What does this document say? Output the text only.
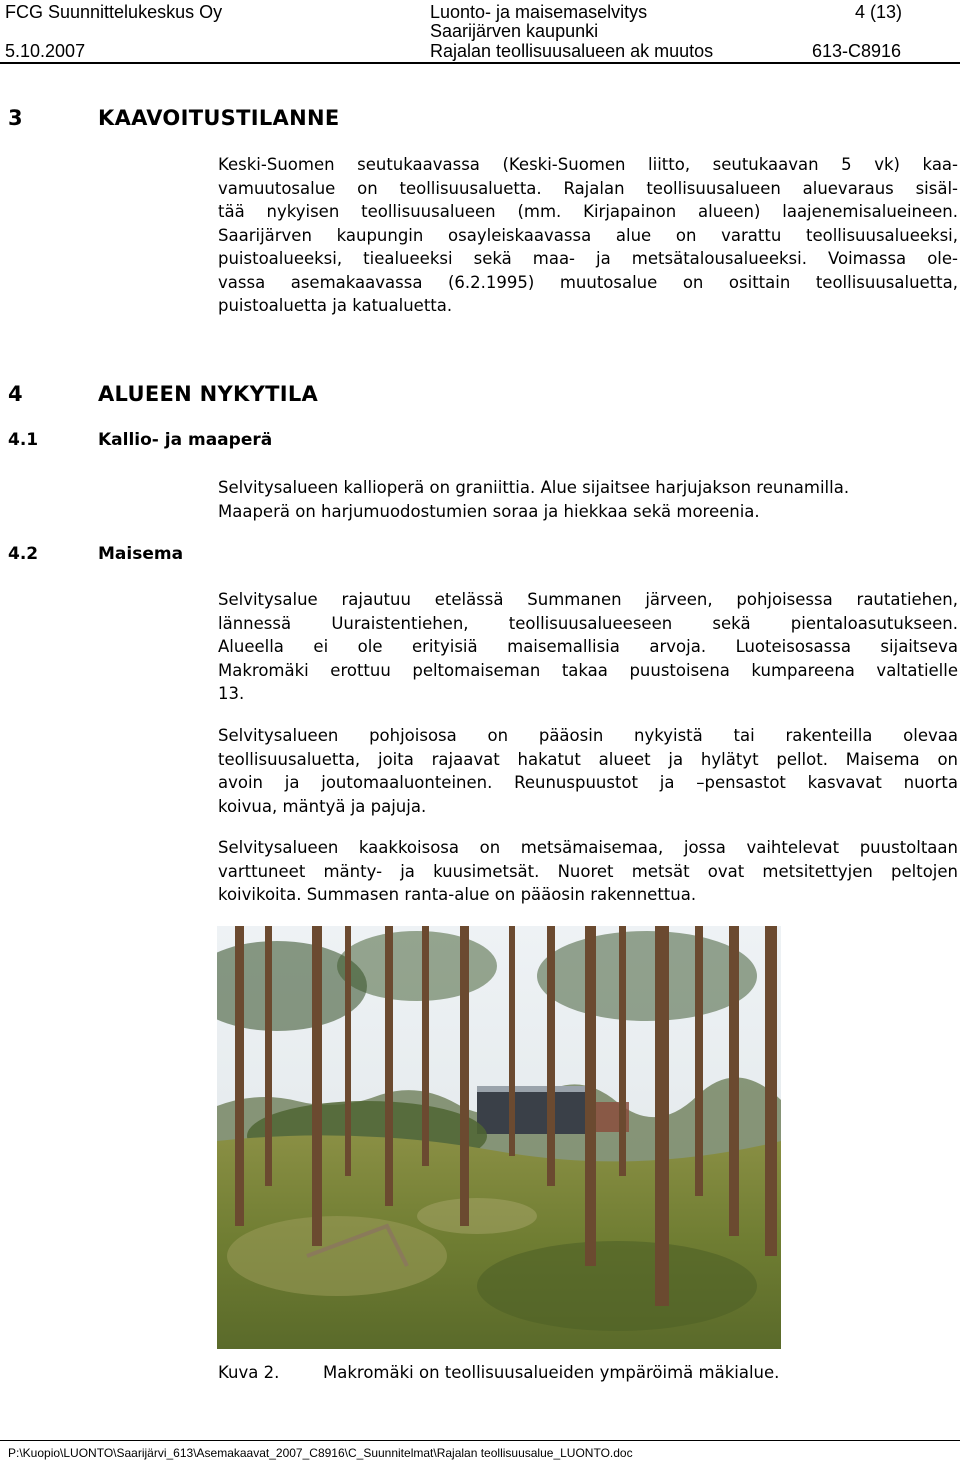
FCG Suunnittelukeskus Oy
5.10.2007
Luonto- ja maisemaselvitys
Saarijärven kaupunki
Rajalan teollisuusalueen ak muutos
4 (13)
613-C8916
3	KAAVOITUSTILANNE
Keski-Suomen seutukaavassa (Keski-Suomen liitto, seutukaavan 5 vk) kaa-
vamuutosalue on teollisuusaluetta. Rajalan teollisuusalueen aluevaraus sisäl-
tää nykyisen teollisuusalueen (mm. Kirjapainon alueen) laajenemisalueineen.
Saarijärven kaupungin osayleiskaavassa alue on varattu teollisuusalueeksi,
puistoalueeksi, tiealueeksi sekä maa- ja metsätalousalueeksi. Voimassa ole-
vassa asemakaavassa (6.2.1995) muutosalue on osittain teollisuusaluetta,
puistoaluetta ja katualuetta.
4	ALUEEN NYKYTILA
4.1	Kallio- ja maaperä
Selvitysalueen kallioperä on graniittia. Alue sijaitsee harjujakson reunamilla.
Maaperä on harjumuodostumien soraa ja hiekkaa sekä moreenia.
4.2	Maisema
Selvitysalue rajautuu etelässä Summanen järveen, pohjoisessa rautatiehen,
lännessä Uuraistentiehen, teollisuusalueeseen sekä pientaloasutukseen.
Alueella ei ole erityisiä maisemallisia arvoja. Luoteisosassa sijaitseva
Makromäki erottuu peltomaiseman takaa puustoisena kumpareena valtatielle
13.
Selvitysalueen pohjoisosa on pääosin nykyistä tai rakenteilla olevaa
teollisuusaluetta, joita rajaavat hakatut alueet ja hylätyt pellot. Maisema on
avoin ja joutomaaluonteinen. Reunuspuustot ja –pensastot kasvavat nuorta
koivua, mäntyä ja pajuja.
Selvitysalueen kaakkoisosa on metsämaisemaa, jossa vaihtelevat puustoltaan
varttuneet mänty- ja kuusimetsät. Nuoret metsät ovat metsitettyjen peltojen
koivikoita. Summasen ranta-alue on pääosin rakennettua.
Kuva 2.	Makromäki on teollisuusalueiden ympäröimä mäkialue.
P:\Kuopio\LUONTO\Saarijärvi_613\Asemakaavat_2007_C8916\C_Suunnitelmat\Rajalan teollisuusalue_LUONTO.doc
